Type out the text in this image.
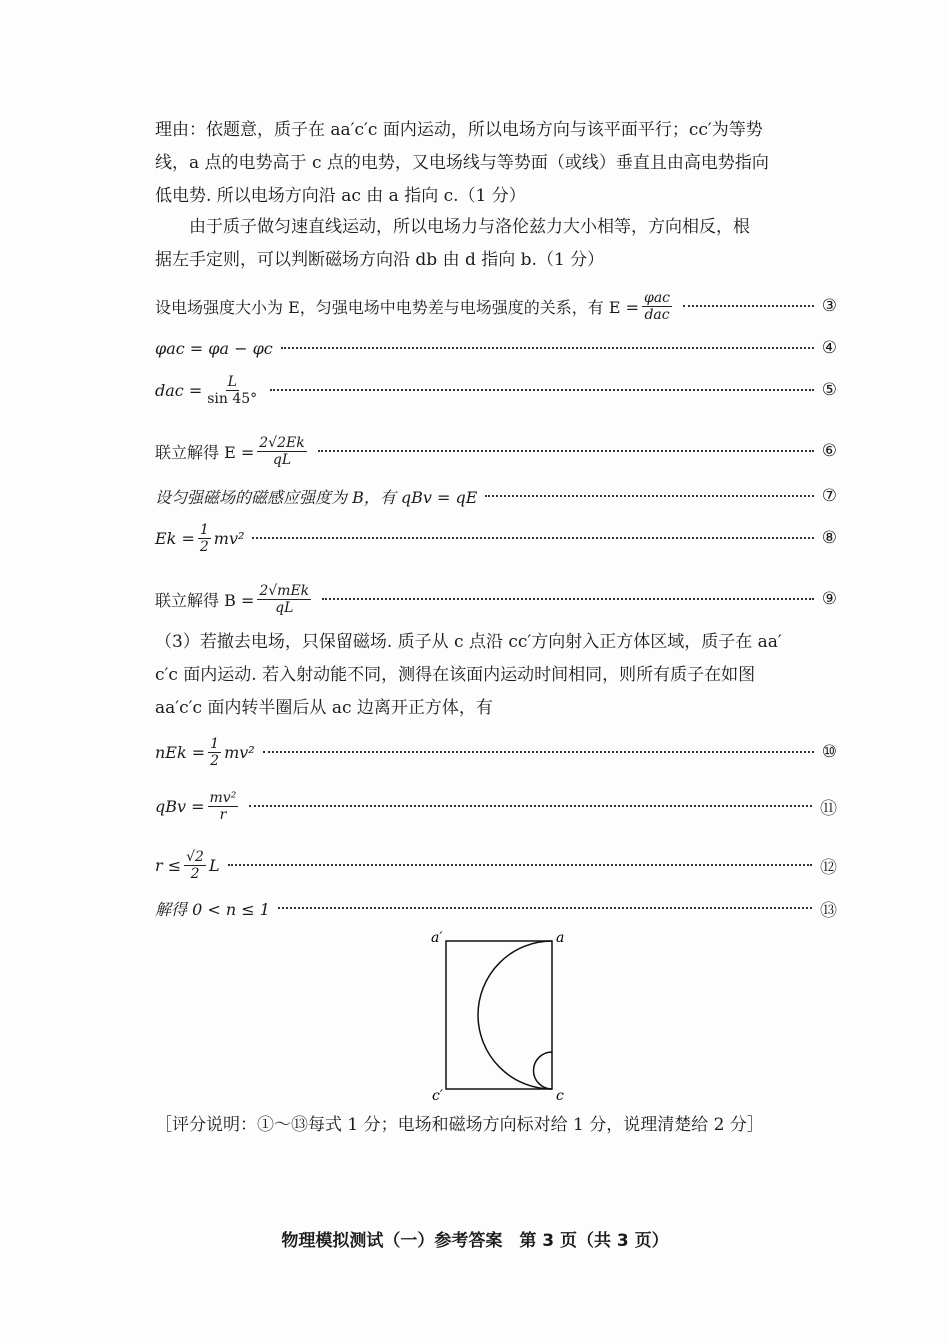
理由：依题意，质子在 aa′c′c 面内运动，所以电场方向与该平面平行；cc′为等势

线，a 点的电势高于 c 点的电势，又电场线与等势面（或线）垂直且由高电势指向

低电势. 所以电场方向沿 ac 由 a 指向 c.（1 分）

由于质子做匀速直线运动，所以电场力与洛伦兹力大小相等，方向相反，根

据左手定则，可以判断磁场方向沿 db 由 d 指向 b.（1 分）

设电场强度大小为 E，匀强电场中电势差与电场强度的关系，有 $E = \frac{\text{φac}}{\text{dac}}$	③
φac = φa − φc	④
dac = $\frac{L}{\sin 45^\circ}$	⑤
联立解得 $E = \frac{2√2Ek}{qL}$	⑥
设匀强磁场的磁感应强度为 B，有 qBv = qE	⑦
$Ek = \frac{1}{2} mv^2$	⑧
联立解得 $B = \frac{\text{2√mEk}}{qL}$	⑨

（3）若撤去电场，只保留磁场. 质子从 c 点沿 cc′方向射入正方体区域，质子在 aa′

c′c 面内运动. 若入射动能不同，测得在该面内运动时间相同，则所有质子在如图

aa′c′c 面内转半圈后从 ac 边离开正方体，有

nEk = $\frac{1}{2} mv^2$	⑩
qBv = $\frac{\text{mv²}}{r}$	⑪
$r \le \frac{√2}{2}$ L	⑫
解得 0 < n ≤ 1	⑬
a′	a
c′	c
［评分说明：①～⑬每式 1 分；电场和磁场方向标对给 1 分，说理清楚给 2 分］
物理模拟测试（一）参考答案　第 3 页（共 3 页）
